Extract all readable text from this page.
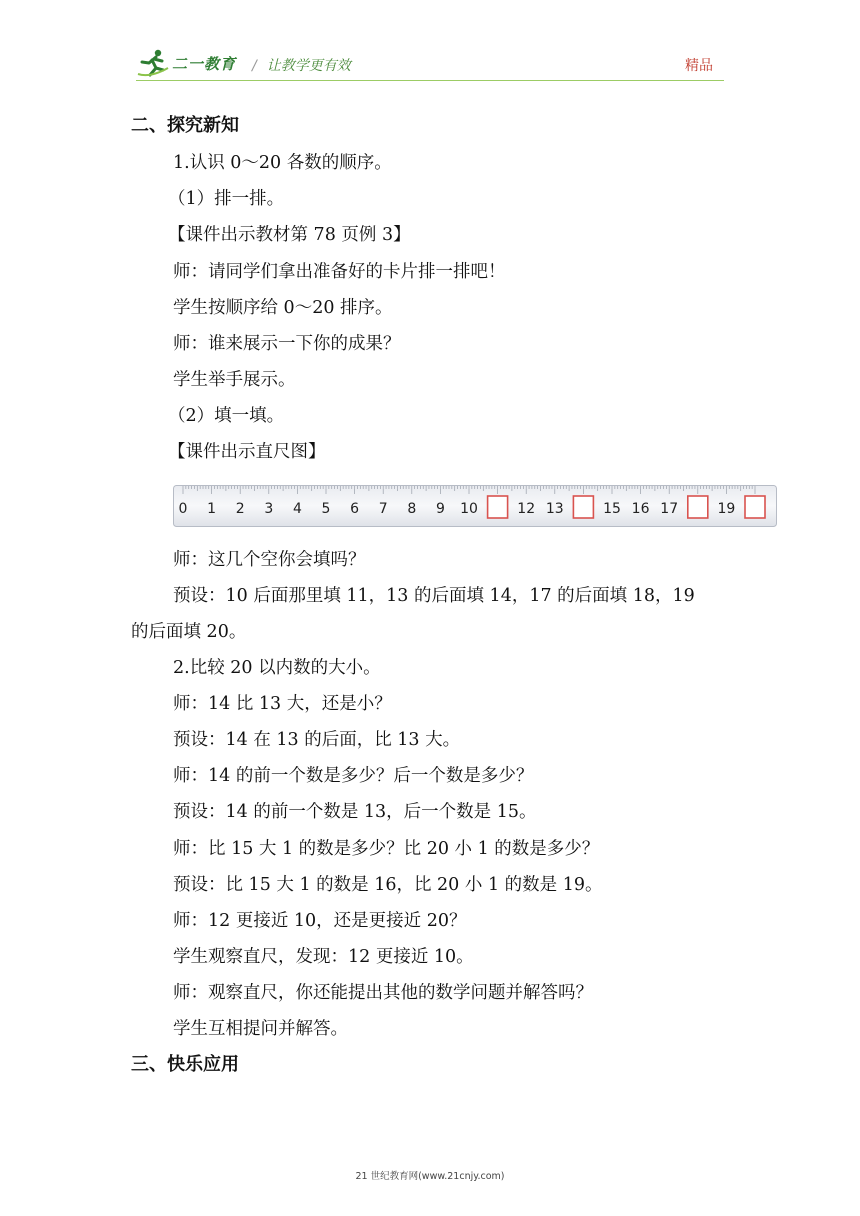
二一教育 / 让教学更有效	精品
二、探究新知
1.认识 0～20 各数的顺序。
（1）排一排。
【课件出示教材第 78 页例 3】
师：请同学们拿出准备好的卡片排一排吧！
学生按顺序给 0～20 排序。
师：谁来展示一下你的成果？
学生举手展示。
（2）填一填。
【课件出示直尺图】
0 1 2 3 4 5 6 7 8 9 10	12 13	15 16 17	19
师：这几个空你会填吗？
预设：10 后面那里填 11，13 的后面填 14，17 的后面填 18，19
的后面填 20。
2.比较 20 以内数的大小。
师：14 比 13 大，还是小？
预设：14 在 13 的后面，比 13 大。
师：14 的前一个数是多少？后一个数是多少？
预设：14 的前一个数是 13，后一个数是 15。
师：比 15 大 1 的数是多少？比 20 小 1 的数是多少？
预设：比 15 大 1 的数是 16，比 20 小 1 的数是 19。
师：12 更接近 10，还是更接近 20？
学生观察直尺，发现：12 更接近 10。
师：观察直尺，你还能提出其他的数学问题并解答吗？
学生互相提问并解答。
三、快乐应用
21 世纪教育网(www.21cnjy.com)
